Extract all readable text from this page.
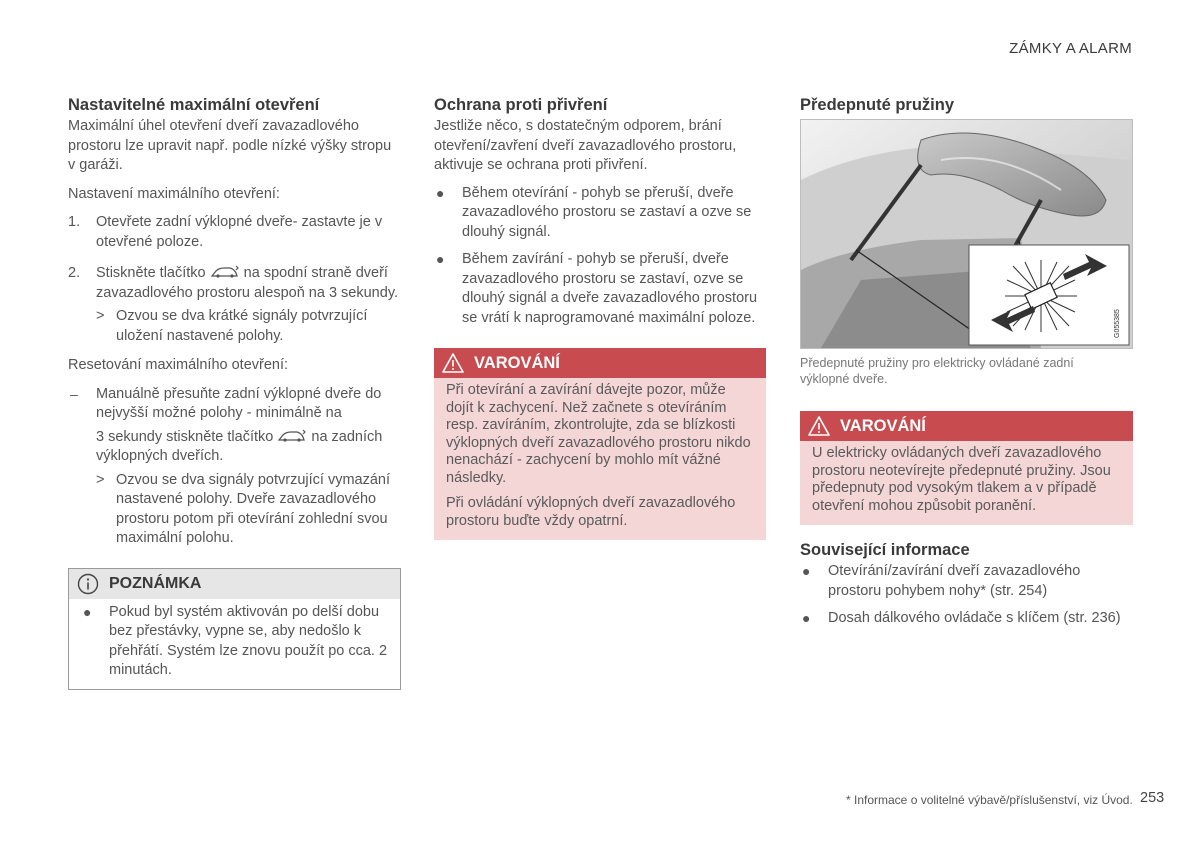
ZÁMKY A ALARM
Nastavitelné maximální otevření

Maximální úhel otevření dveří zavazadlového prostoru lze upravit např. podle nízké výšky stropu v garáži.

Nastavení maximálního otevření:

1. Otevřete zadní výklopné dveře- zastavte je v otevřené poloze.
2. Stiskněte tlačítko	na spodní straně dveří zavazadlového prostoru alespoň na 3 sekundy.
> Ozvou se dva krátké signály potvrzující uložení nastavené polohy.

Resetování maximálního otevření:

– Manuálně přesuňte zadní výklopné dveře do nejvyšší možné polohy - minimálně na
3 sekundy stiskněte tlačítko	na zadních výklopných dveřích.
> Ozvou se dva signály potvrzující vymazání nastavené polohy. Dveře zavazadlového prostoru potom při otevírání zohlední svou maximální polohu.
POZNÁMKA
● Pokud byl systém aktivován po delší dobu bez přestávky, vypne se, aby nedošlo k přehřátí. Systém lze znovu použít po cca. 2 minutách.
Ochrana proti přivření

Jestliže něco, s dostatečným odporem, brání otevření/zavření dveří zavazadlového prostoru, aktivuje se ochrana proti přivření.

● Během otevírání - pohyb se přeruší, dveře zavazadlového prostoru se zastaví a ozve se dlouhý signál.
● Během zavírání - pohyb se přeruší, dveře zavazadlového prostoru se zastaví, ozve se dlouhý signál a dveře zavazadlového prostoru se vrátí k naprogramované maximální poloze.
VAROVÁNÍ

Při otevírání a zavírání dávejte pozor, může dojít k zachycení. Než začnete s otevíráním resp. zavíráním, zkontrolujte, zda se blízkosti výklopných dveří zavazadlového prostoru nikdo nenachází - zachycení by mohlo mít vážné následky.

Při ovládání výklopných dveří zavazadlového prostoru buďte vždy opatrní.

Předepnuté pružiny
G055385
Předepnuté pružiny pro elektricky ovládané zadní výklopné dveře.
VAROVÁNÍ

U elektricky ovládaných dveří zavazadlového prostoru neotevírejte předepnuté pružiny. Jsou předepnuty pod vysokým tlakem a v případě otevření mohou způsobit poranění.

Související informace
● Otevírání/zavírání dveří zavazadlového prostoru pohybem nohy* (str. 254)
● Dosah dálkového ovládače s klíčem (str. 236)
* Informace o volitelné výbavě/příslušenství, viz Úvod. 253
